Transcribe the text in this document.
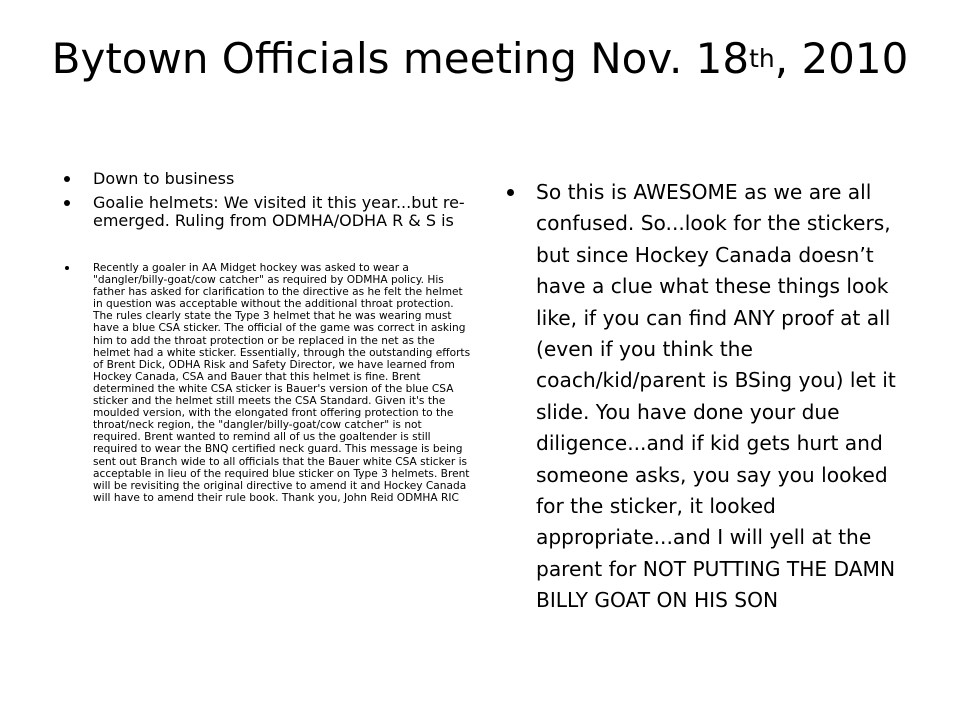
Bytown Officials meeting Nov. 18th, 2010
Down to business
Goalie helmets: We visited it this year...but re-emerged. Ruling from ODMHA/ODHA R & S is
Recently a goaler in AA Midget hockey was asked to wear a "dangler/billy-goat/cow catcher" as required by ODMHA policy. His father has asked for clarification to the directive as he felt the helmet in question was acceptable without the additional throat protection. The rules clearly state the Type 3 helmet that he was wearing must have a blue CSA sticker. The official of the game was correct in asking him to add the throat protection or be replaced in the net as the helmet had a white sticker. Essentially, through the outstanding efforts of Brent Dick, ODHA Risk and Safety Director, we have learned from Hockey Canada, CSA and Bauer that this helmet is fine. Brent determined the white CSA sticker is Bauer's version of the blue CSA sticker and the helmet still meets the CSA Standard. Given it's the moulded version, with the elongated front offering protection to the throat/neck region, the "dangler/billy-goat/cow catcher" is not required. Brent wanted to remind all of us the goaltender is still required to wear the BNQ certified neck guard. This message is being sent out Branch wide to all officials that the Bauer white CSA sticker is acceptable in lieu of the required blue sticker on Type 3 helmets. Brent will be revisiting the original directive to amend it and Hockey Canada will have to amend their rule book. Thank you, John Reid ODMHA RIC
So this is AWESOME as we are all confused. So...look for the stickers, but since Hockey Canada doesn’t have a clue what these things look like, if you can find ANY proof at all (even if you think the coach/kid/parent is BSing you) let it slide. You have done your due diligence...and if kid gets hurt and someone asks, you say you looked for the sticker, it looked appropriate...and I will yell at the parent for NOT PUTTING THE DAMN BILLY GOAT ON HIS SON
